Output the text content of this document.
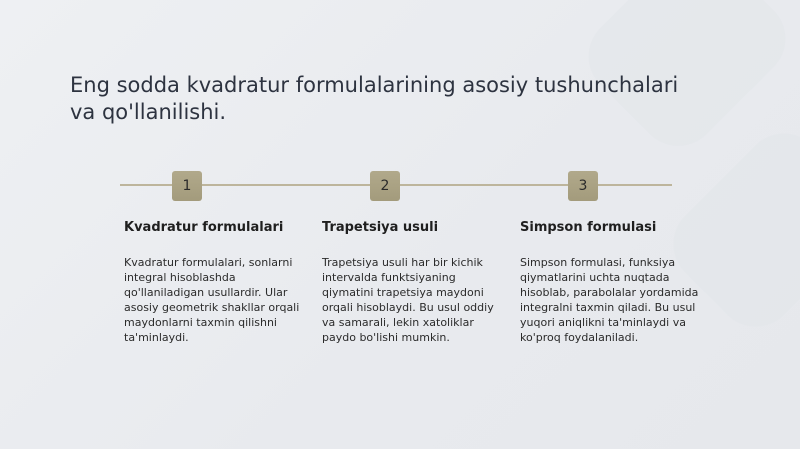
Eng sodda kvadratur formulalarining asosiy tushunchalari va qo'llanilishi.
1	2	3
Kvadratur formulalari

Kvadratur formulalari, sonlarni integral hisoblashda qo'llaniladigan usullardir. Ular asosiy geometrik shakllar orqali maydonlarni taxmin qilishni ta'minlaydi.

Trapetsiya usuli

Trapetsiya usuli har bir kichik intervalda funktsiyaning qiymatini trapetsiya maydoni orqali hisoblaydi. Bu usul oddiy va samarali, lekin xatoliklar paydo bo'lishi mumkin.

Simpson formulasi

Simpson formulasi, funksiya qiymatlarini uchta nuqtada hisoblab, parabolalar yordamida integralni taxmin qiladi. Bu usul yuqori aniqlikni ta'minlaydi va ko'proq foydalaniladi.
